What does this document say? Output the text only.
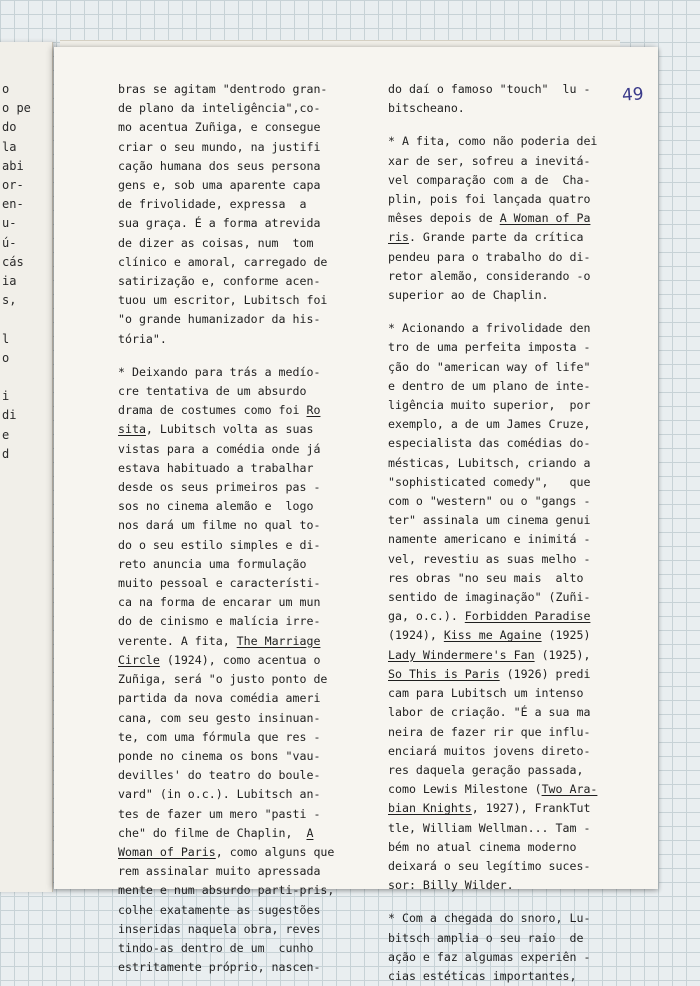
o
o pe
do
la
abi
or-
en-
u-
ú-
cás
ia
s,
l
o
i
di
e
d
49
bras se agitam "dentrodo gran-
de plano da inteligência",co-
mo acentua Zuñiga, e consegue
criar o seu mundo, na justifi
cação humana dos seus persona
gens e, sob uma aparente capa
de frivolidade, expressa  a
sua graça. É a forma atrevida
de dizer as coisas, num  tom
clínico e amoral, carregado de
satirização e, conforme acen-
tuou um escritor, Lubitsch foi
"o grande humanizador da his-
tória".
* Deixando para trás a medío-
cre tentativa de um absurdo
drama de costumes como foi Ro
sita, Lubitsch volta as suas
vistas para a comédia onde já
estava habituado a trabalhar
desde os seus primeiros pas -
sos no cinema alemão e  logo
nos dará um filme no qual to-
do o seu estilo simples e di-
reto anuncia uma formulação
muito pessoal e característi-
ca na forma de encarar um mun
do de cinismo e malícia irre-
verente. A fita, The Marriage
Circle (1924), como acentua o
Zuñiga, será "o justo ponto de
partida da nova comédia ameri
cana, com seu gesto insinuan-
te, com uma fórmula que res -
ponde no cinema os bons "vau-
devilles' do teatro do boule-
vard" (in o.c.). Lubitsch an-
tes de fazer um mero "pasti -
che" do filme de Chaplin,  A
Woman of Paris, como alguns que
rem assinalar muito apressada
mente e num absurdo parti-pris,
colhe exatamente as sugestões
inseridas naquela obra, reves
tindo-as dentro de um  cunho
estritamente próprio, nascen-
do daí o famoso "touch"  lu -
bitscheano.
* A fita, como não poderia dei
xar de ser, sofreu a inevitá-
vel comparação com a de  Cha-
plin, pois foi lançada quatro
mêses depois de A Woman of Pa
ris. Grande parte da crítica
pendeu para o trabalho do di-
retor alemão, considerando -o
superior ao de Chaplin.
* Acionando a frivolidade den
tro de uma perfeita imposta -
ção do "american way of life"
e dentro de um plano de inte-
ligência muito superior,  por
exemplo, a de um James Cruze,
especialista das comédias do-
mésticas, Lubitsch, criando a
"sophisticated comedy",   que
com o "western" ou o "gangs -
ter" assinala um cinema genui
namente americano e inimitá -
vel, revestiu as suas melho -
res obras "no seu mais  alto
sentido de imaginação" (Zuñi-
ga, o.c.). Forbidden Paradise
(1924), Kiss me Againe (1925)
Lady Windermere's Fan (1925),
So This is Paris (1926) predi
cam para Lubitsch um intenso
labor de criação. "É a sua ma
neira de fazer rir que influ-
enciará muitos jovens direto-
res daquela geração passada,
como Lewis Milestone (Two Ara-
bian Knights, 1927), FrankTut
tle, William Wellman... Tam -
bém no atual cinema moderno
deixará o seu legítimo suces-
sor: Billy Wilder.
* Com a chegada do snoro, Lu-
bitsch amplia o seu raio  de
ação e faz algumas experiên -
cias estéticas importantes,
